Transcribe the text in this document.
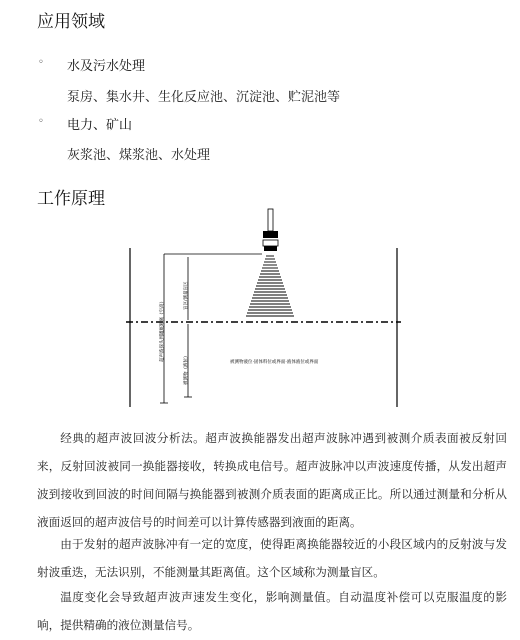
应用领域
◦ 水及污水处理
泵房、集水井、生化反应池、沉淀池、贮泥池等
◦ 电力、矿山
灰浆池、煤浆池、水处理
工作原理
超声波探头到罐底距离（空高）
盲区/测量盲区
被测物（液位）	被测物液位·固体料位或界面·液体液位或界面

经典的超声波回波分析法。超声波换能器发出超声波脉冲遇到被测介质表面被反射回来，反射回波被同一换能器接收，转换成电信号。超声波脉冲以声波速度传播，从发出超声波到接收到回波的时间间隔与换能器到被测介质表面的距离成正比。所以通过测量和分析从液面返回的超声波信号的时间差可以计算传感器到液面的距离。

由于发射的超声波脉冲有一定的宽度，使得距离换能器较近的小段区域内的反射波与发射波重迭，无法识别，不能测量其距离值。这个区域称为测量盲区。

温度变化会导致超声波声速发生变化，影响测量值。自动温度补偿可以克服温度的影响，提供精确的液位测量信号。
